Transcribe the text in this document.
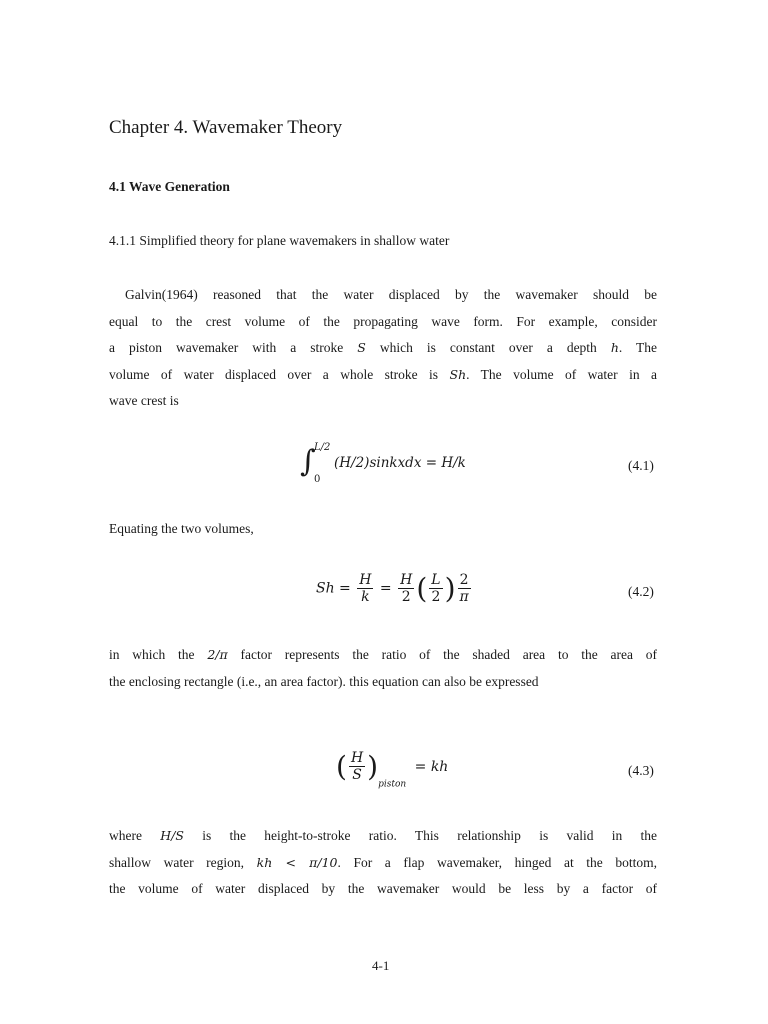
Chapter 4. Wavemaker Theory
4.1 Wave Generation
4.1.1 Simplified theory for plane wavemakers in shallow water
Galvin(1964) reasoned that the water displaced by the wavemaker should be
equal to the crest volume of the propagating wave form. For example, consider
a piston wavemaker with a stroke S which is constant over a depth h. The
volume of water displaced over a whole stroke is Sh. The volume of water in a
wave crest is
∫
L/2
0
(H/2)sinkxdx = H/k	(4.1)
Equating the two volumes,
$Sh = \frac{H}{k} = \frac{H}{2}$ ( $\frac{L}{2}$ ) $\frac{2}{\pi}$	(4.2)
in which the 2/π factor represents the ratio of the shaded area to the area of
the enclosing rectangle (i.e., an area factor). this equation can also be expressed
( $\frac{H}{S} )_{piston}$ = kh	(4.3)
where H/S is the height-to-stroke ratio. This relationship is valid in the
shallow water region, kh < π/10. For a flap wavemaker, hinged at the bottom,
the volume of water displaced by the wavemaker would be less by a factor of
4-1
